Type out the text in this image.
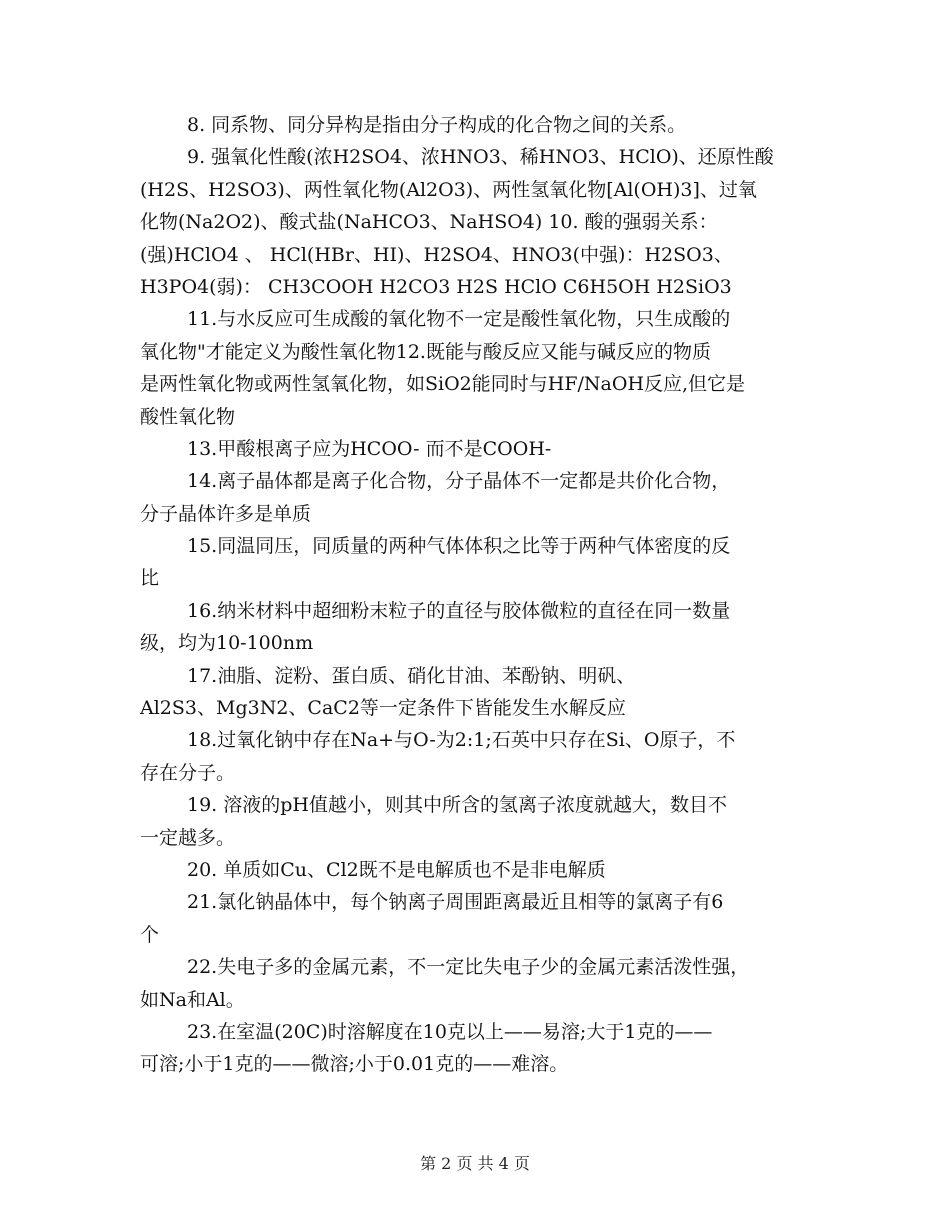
8. 同系物、同分异构是指由分子构成的化合物之间的关系。
9. 强氧化性酸(浓H2SO4、浓HNO3、稀HNO3、HClO)、还原性酸
(H2S、H2SO3)、两性氧化物(Al2O3)、两性氢氧化物[Al(OH)3]、过氧
化物(Na2O2)、酸式盐(NaHCO3、NaHSO4) 10. 酸的强弱关系：
(强)HClO4 、 HCl(HBr、HI)、H2SO4、HNO3(中强)：H2SO3、
H3PO4(弱)： CH3COOH H2CO3 H2S HClO C6H5OH H2SiO3
11.与水反应可生成酸的氧化物不一定是酸性氧化物，只生成酸的
氧化物"才能定义为酸性氧化物12.既能与酸反应又能与碱反应的物质
是两性氧化物或两性氢氧化物，如SiO2能同时与HF/NaOH反应,但它是
酸性氧化物
13.甲酸根离子应为HCOO- 而不是COOH-
14.离子晶体都是离子化合物，分子晶体不一定都是共价化合物，
分子晶体许多是单质
15.同温同压，同质量的两种气体体积之比等于两种气体密度的反
比
16.纳米材料中超细粉末粒子的直径与胶体微粒的直径在同一数量
级，均为10-100nm
17.油脂、淀粉、蛋白质、硝化甘油、苯酚钠、明矾、
Al2S3、Mg3N2、CaC2等一定条件下皆能发生水解反应
18.过氧化钠中存在Na+与O-为2:1;石英中只存在Si、O原子，不
存在分子。
19. 溶液的pH值越小，则其中所含的氢离子浓度就越大，数目不
一定越多。
20. 单质如Cu、Cl2既不是电解质也不是非电解质
21.氯化钠晶体中，每个钠离子周围距离最近且相等的氯离子有6
个
22.失电子多的金属元素，不一定比失电子少的金属元素活泼性强，
如Na和Al。
23.在室温(20C)时溶解度在10克以上——易溶;大于1克的——
可溶;小于1克的——微溶;小于0.01克的——难溶。
第 2 页 共 4 页
